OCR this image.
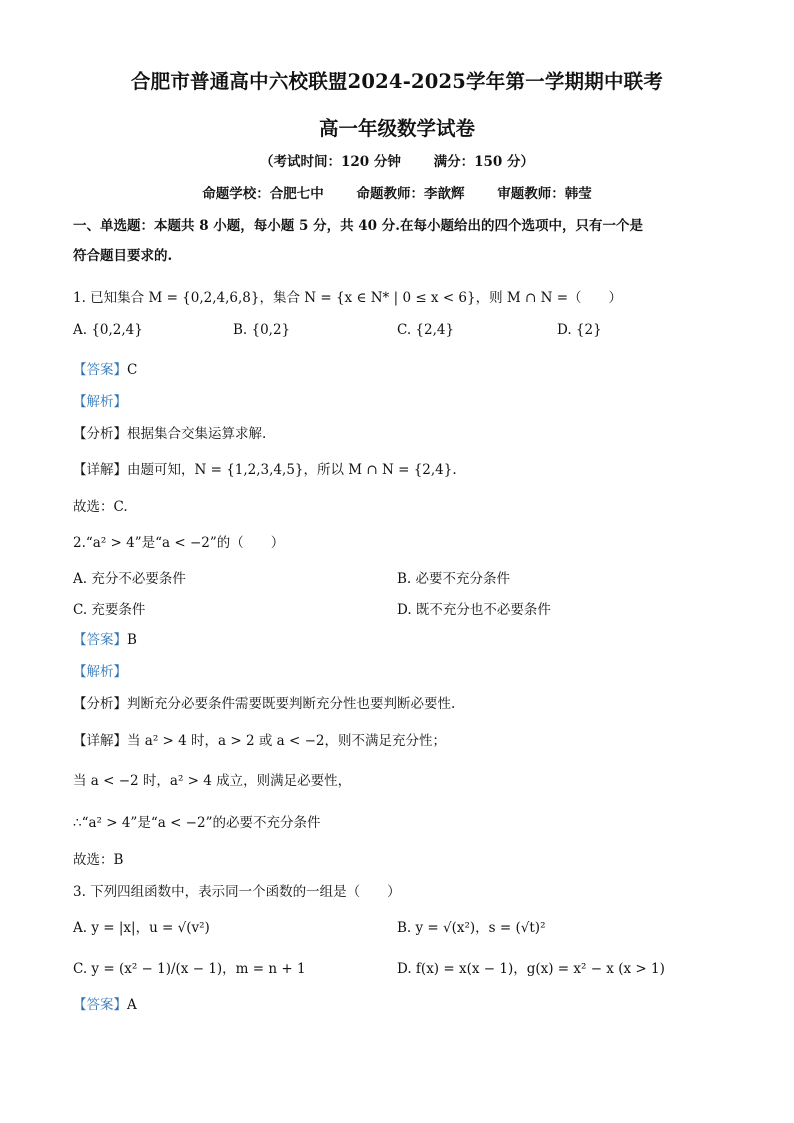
合肥市普通高中六校联盟2024-2025学年第一学期期中联考
高一年级数学试卷
（考试时间：120 分钟 满分：150 分）
命题学校：合肥七中 命题教师：李歆辉 审题教师：韩莹
一、单选题：本题共 8 小题，每小题 5 分，共 40 分.在每小题给出的四个选项中，只有一个是
符合题目要求的.
1. 已知集合 M = {0,2,4,6,8}，集合 N = {x ∈ N* | 0 ≤ x < 6}，则 M ∩ N =（　　）
A. {0,2,4}	B. {0,2}	C. {2,4}	D. {2}
【答案】C
【解析】
【分析】根据集合交集运算求解.
【详解】由题可知，N = {1,2,3,4,5}，所以 M ∩ N = {2,4}.
故选：C.
2.“a² > 4”是“a < −2”的（　　）
A. 充分不必要条件	B. 必要不充分条件
C. 充要条件	D. 既不充分也不必要条件
【答案】B
【解析】
【分析】判断充分必要条件需要既要判断充分性也要判断必要性.
【详解】当 a² > 4 时，a > 2 或 a < −2，则不满足充分性；
当 a < −2 时，a² > 4 成立，则满足必要性，
∴“a² > 4”是“a < −2”的必要不充分条件
故选：B
3. 下列四组函数中，表示同一个函数的一组是（　　）
A. y = |x|，u = √(v²)	B. y = √(x²)，s = (√t)²
C. y = (x² − 1)/(x − 1)，m = n + 1	D. f(x) = x(x − 1)，g(x) = x² − x (x > 1)
【答案】A
